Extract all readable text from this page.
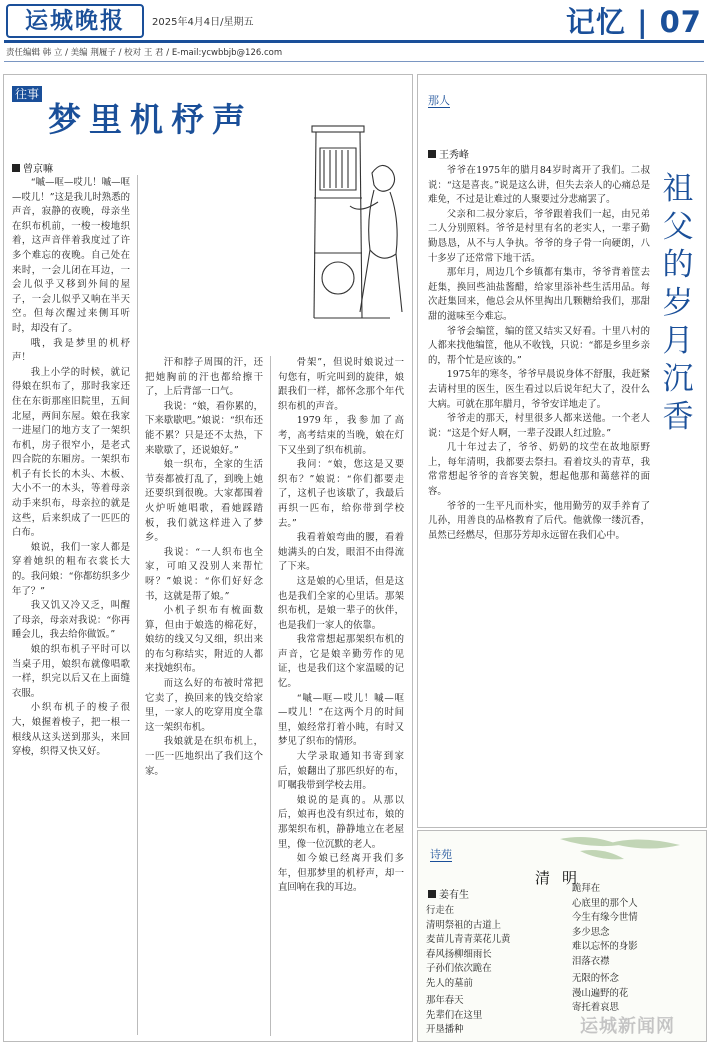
运城晚报	2025年4月4日/星期五	记忆 | 07
责任编辑 韩 立 / 美编 荆履子 / 校对 王 君 / E-mail:ycwbbjb@126.com
往事
梦里机杼声
曾京嘛

“嘁—哐—哎儿！嘁—哐—哎儿！”这是我儿时熟悉的声音，寂静的夜晚，母亲坐在织布机前，一梭一梭地织着，这声音伴着我度过了许多个难忘的夜晚。自己处在来时，一会儿闭在耳边，一会儿似乎又移到外间的屋子，一会儿似乎又响在半天空。但每次醒过来侧耳听时，却没有了。

哦，我是梦里的机杼声！

我上小学的时候，就记得娘在织布了，那时我家还住在东街那座旧院里，五间北屋，两间东屋。娘在我家一进屋门的地方支了一架织布机，房子很窄小，是老式四合院的东厢房。一架织布机子有长长的木头、木板、大小不一的木头，等着母亲动手来织布，母亲拉的就是这些，后来织成了一匹匹的白布。

娘说，我们一家人都是穿着她织的粗布衣裳长大的。我问娘：“你都纺织多少年了？”

我又饥又冷又乏，叫醒了母亲，母亲对我说：“你再睡会儿，我去给你做饭。”

娘的织布机子平时可以当桌子用，娘织布就像唱歌一样，织完以后又在上面缝衣服。

小织布机子的梭子很大，娘握着梭子，把一根一根线从这头送到那头，来回穿梭，织得又快又好。

汗和脖子周围的汗，还把她胸前的汗也都给擦干了，上后背部一口气。

我说：“娘，看你累的，下来歇歇吧。”娘说：“织布还能不累？只是还不太热，下来歇歇了，还说娘好。”

娘一织布，全家的生活节奏都被打乱了，到晚上她还要织到很晚。大家都围着火炉听她唱歌，看她踩踏板，我们就这样进入了梦乡。

我说：“一人织布也全家，可咱又没别人来帮忙呀？”娘说：“你们好好念书，这就是帮了娘。”

小机子织布有梳面数算，但由于娘选的棉花好，娘纺的线又匀又细，织出来的布匀称结实，附近的人都来找她织布。

而这么好的布被时常把它卖了，换回来的钱交给家里，一家人的吃穿用度全靠这一架织布机。

我娘就是在织布机上，一匹一匹地织出了我们这个家。

骨架”，但说时娘说过一句您有，听完叫到的旋律，娘跟我们一样，都怀念那个年代织布机的声音。

1979年，我参加了高考，高考结束的当晚，娘在灯下又坐到了织布机前。

我问：“娘，您这是又要织布？”娘说：“你们都要走了，这机子也该歇了，我最后再织一匹布，给你带到学校去。”

我看着娘弯曲的腰，看着她满头的白发，眼泪不由得流了下来。

这是娘的心里话，但是这也是我们全家的心里话。那架织布机，是娘一辈子的伙伴，也是我们一家人的依靠。

我常常想起那架织布机的声音，它是娘辛勤劳作的见证，也是我们这个家温暖的记忆。

“嘁—哐—哎儿！嘁—哐—哎儿！”在这两个月的时间里，娘经常打着小盹，有时又梦见了织布的情形。

大学录取通知书寄到家后，娘翻出了那匹织好的布，叮嘱我带到学校去用。

娘说的是真的。从那以后，娘再也没有织过布，娘的那架织布机，静静地立在老屋里，像一位沉默的老人。

如今娘已经离开我们多年，但那梦里的机杼声，却一直回响在我的耳边。

那人
王秀峰
祖
父
的
岁
月
沉
香

爷爷在1975年的腊月84岁时离开了我们。二叔说：“这是喜丧。”说是这么讲，但失去亲人的心痛总是难免，不过是让难过的人聚要过分悲痛罢了。

父亲和二叔分家后，爷爷跟着我们一起，由兄弟二人分别照料。爷爷是村里有名的老实人，一辈子勤勤恳恳，从不与人争执。爷爷的身子骨一向硬朗，八十多岁了还常常下地干活。

那年月，周边几个乡镇都有集市，爷爷背着筐去赶集，换回些油盐酱醋，给家里添补些生活用品。每次赶集回来，他总会从怀里掏出几颗糖给我们，那甜甜的滋味至今难忘。

爷爷会编筐，编的筐又结实又好看。十里八村的人都来找他编筐，他从不收钱，只说：“都是乡里乡亲的，帮个忙是应该的。”

1975年的寒冬，爷爷早晨说身体不舒服，我赶紧去请村里的医生，医生看过以后说年纪大了，没什么大病。可就在那年腊月，爷爷安详地走了。

爷爷走的那天，村里很多人都来送他。一个老人说：“这是个好人啊，一辈子没跟人红过脸。”

几十年过去了，爷爷、奶奶的坟茔在故地原野上，每年清明，我都要去祭扫。看着坟头的青草，我常常想起爷爷的音容笑貌，想起他那和蔼慈祥的面容。

爷爷的一生平凡而朴实，他用勤劳的双手养育了儿孙，用善良的品格教育了后代。他就像一缕沉香，虽然已经燃尽，但那芬芳却永远留在我们心中。

诗苑
清明
姜有生
行走在
清明祭祖的古道上
麦苗儿青青菜花儿黄
春风扬柳细雨长
子孙们依次跪在
先人的墓前
那年春天
先辈们在这里
开垦播种
跪拜在
心底里的那个人
今生有缘今世情
多少思念
难以忘怀的身影
泪落衣襟
无限的怀念
漫山遍野的花
寄托着哀思
运城新闻网
